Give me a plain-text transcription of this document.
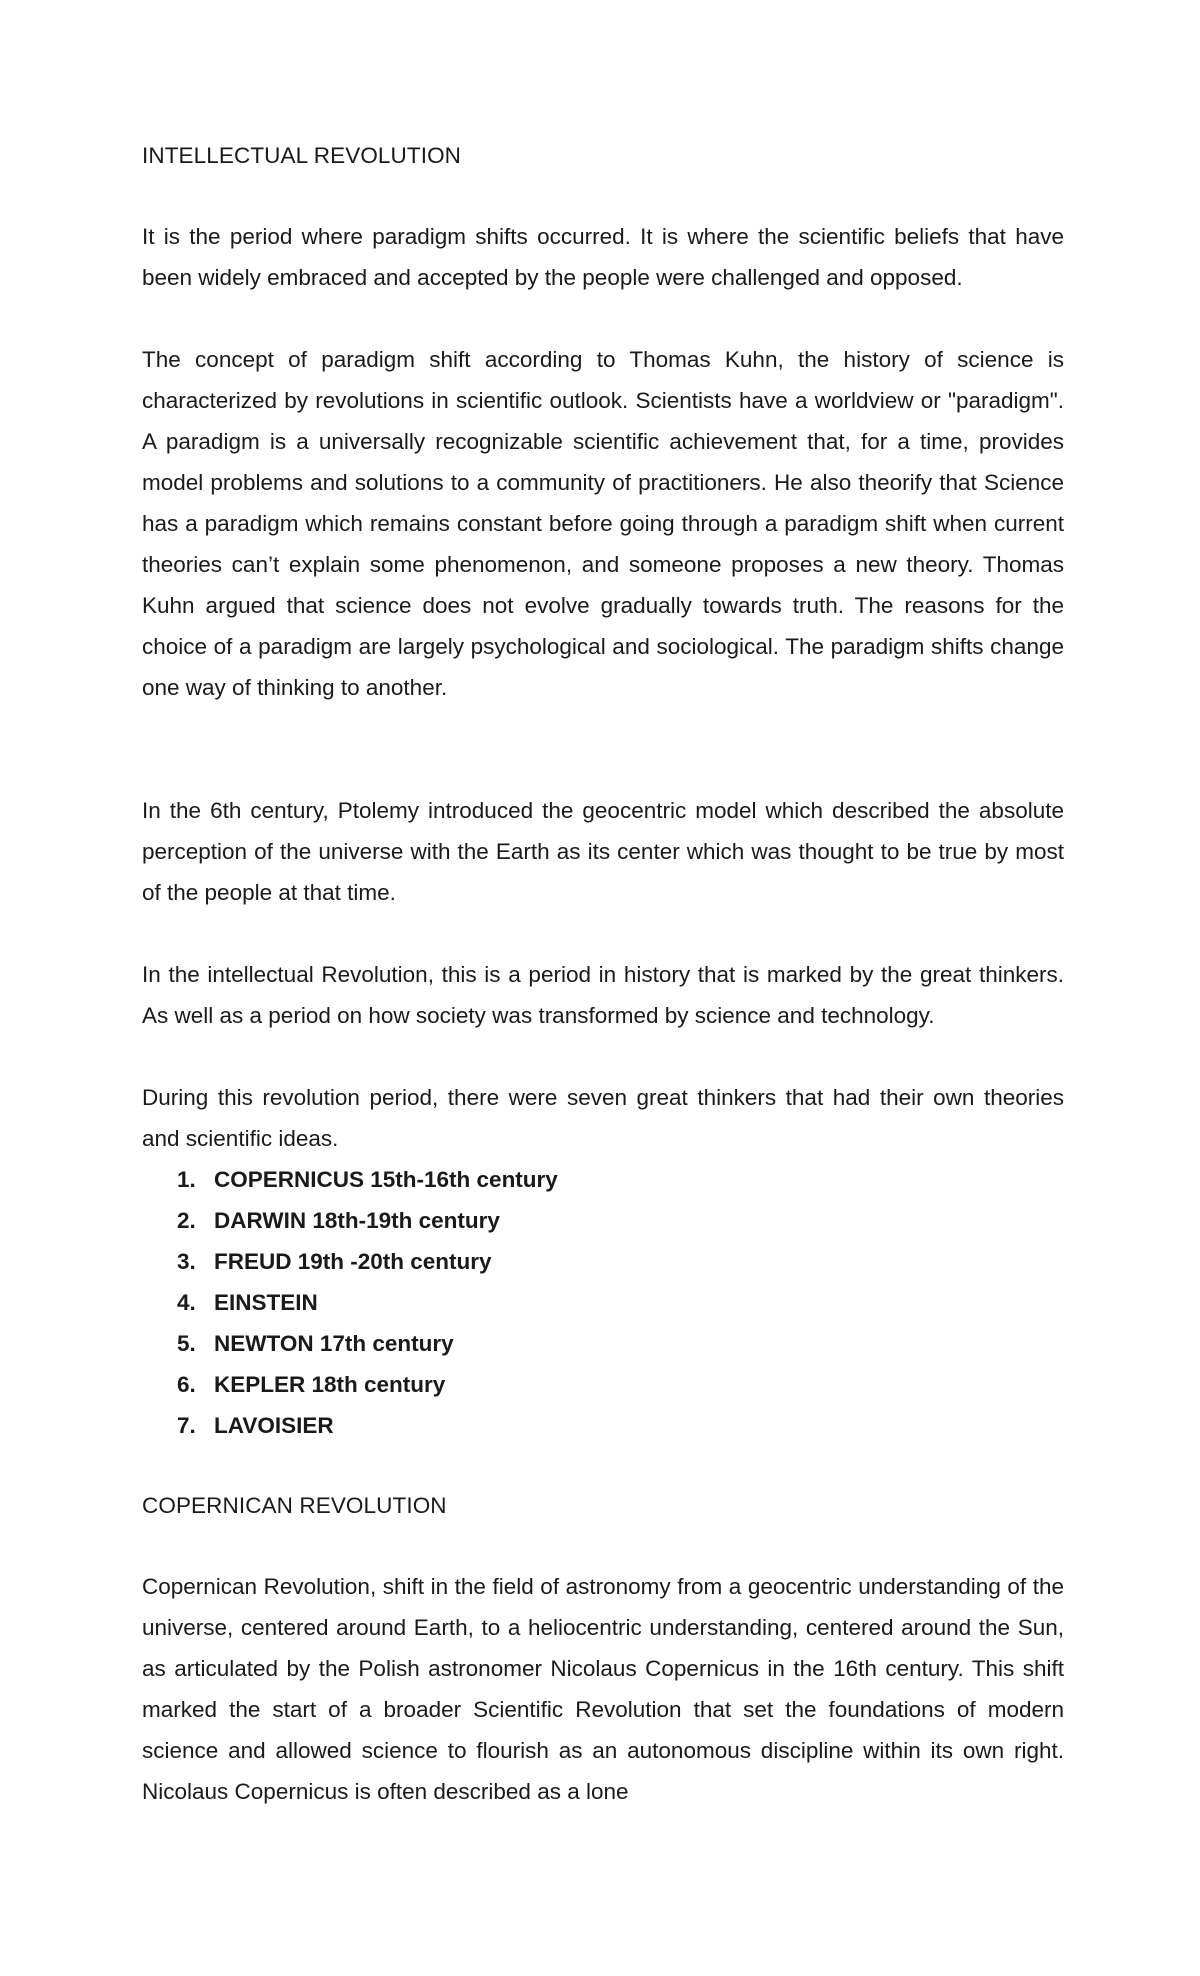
INTELLECTUAL REVOLUTION

It is the period where paradigm shifts occurred. It is where the scientific beliefs that have been widely embraced and accepted by the people were challenged and opposed.

The concept of paradigm shift according to Thomas Kuhn, the history of science is characterized by revolutions in scientific outlook. Scientists have a worldview or "paradigm". A paradigm is a universally recognizable scientific achievement that, for a time, provides model problems and solutions to a community of practitioners. He also theorify that Science has a paradigm which remains constant before going through a paradigm shift when current theories can’t explain some phenomenon, and someone proposes a new theory. Thomas Kuhn argued that science does not evolve gradually towards truth. The reasons for the choice of a paradigm are largely psychological and sociological. The paradigm shifts change one way of thinking to another.

In the 6th century, Ptolemy introduced the geocentric model which described the absolute perception of the universe with the Earth as its center which was thought to be true by most of the people at that time.

In the intellectual Revolution, this is a period in history that is marked by the great thinkers. As well as a period on how society was transformed by science and technology.

During this revolution period, there were seven great thinkers that had their own theories and scientific ideas.

1. COPERNICUS 15th-16th century
2. DARWIN 18th-19th century
3. FREUD 19th -20th century
4. EINSTEIN
5. NEWTON 17th century
6. KEPLER 18th century
7. LAVOISIER
COPERNICAN REVOLUTION

Copernican Revolution, shift in the field of astronomy from a geocentric understanding of the universe, centered around Earth, to a heliocentric understanding, centered around the Sun, as articulated by the Polish astronomer Nicolaus Copernicus in the 16th century. This shift marked the start of a broader Scientific Revolution that set the foundations of modern science and allowed science to flourish as an autonomous discipline within its own right. Nicolaus Copernicus is often described as a lone
